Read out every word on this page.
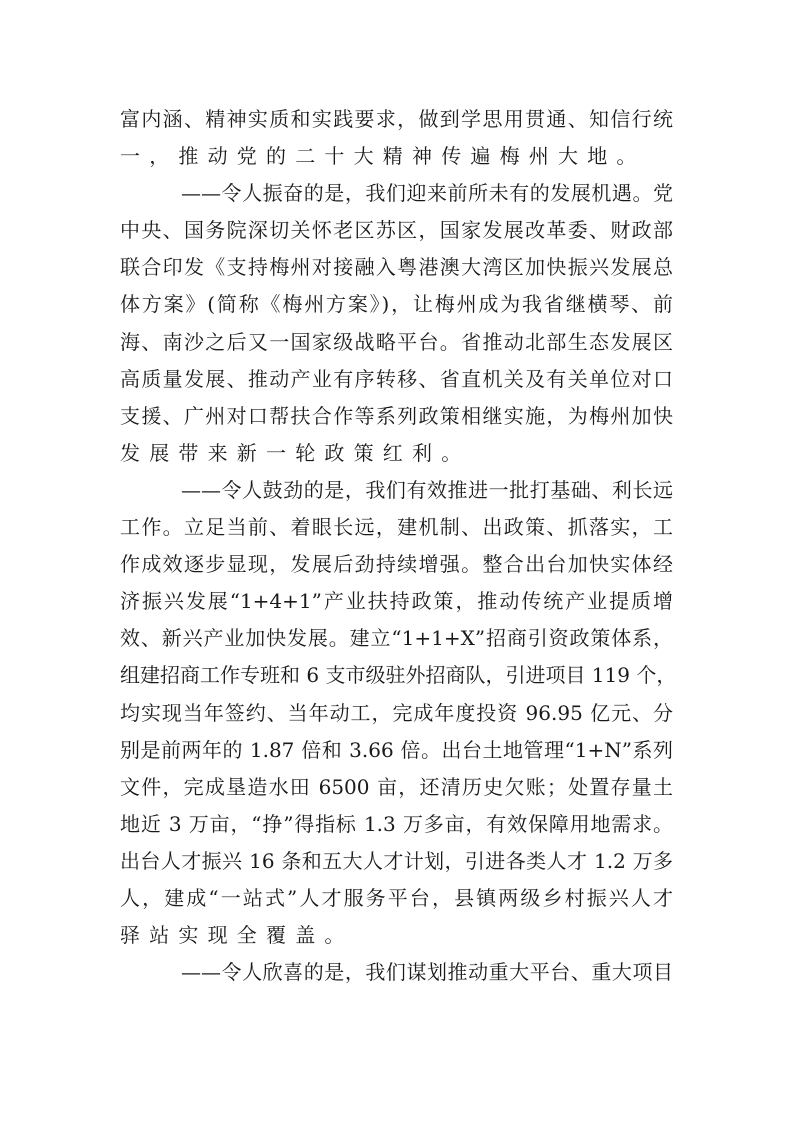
富内涵、精神实质和实践要求，做到学思用贯通、知信行统
一，推动党的二十大精神传遍梅州大地。
——令人振奋的是，我们迎来前所未有的发展机遇。党
中央、国务院深切关怀老区苏区，国家发展改革委、财政部
联合印发《支持梅州对接融入粤港澳大湾区加快振兴发展总
体方案》(简称《梅州方案》)，让梅州成为我省继横琴、前
海、南沙之后又一国家级战略平台。省推动北部生态发展区
高质量发展、推动产业有序转移、省直机关及有关单位对口
支援、广州对口帮扶合作等系列政策相继实施，为梅州加快
发展带来新一轮政策红利。
——令人鼓劲的是，我们有效推进一批打基础、利长远
工作。立足当前、着眼长远，建机制、出政策、抓落实，工
作成效逐步显现，发展后劲持续增强。整合出台加快实体经
济振兴发展“1+4+1”产业扶持政策，推动传统产业提质增
效、新兴产业加快发展。建立“1+1+X”招商引资政策体系，
组建招商工作专班和 6 支市级驻外招商队，引进项目 119 个，
均实现当年签约、当年动工，完成年度投资 96.95 亿元、分
别是前两年的 1.87 倍和 3.66 倍。出台土地管理“1+N”系列
文件，完成垦造水田 6500 亩，还清历史欠账；处置存量土
地近 3 万亩，“挣”得指标 1.3 万多亩，有效保障用地需求。
出台人才振兴 16 条和五大人才计划，引进各类人才 1.2 万多
人，建成“一站式”人才服务平台，县镇两级乡村振兴人才
驿站实现全覆盖。
——令人欣喜的是，我们谋划推动重大平台、重大项目
